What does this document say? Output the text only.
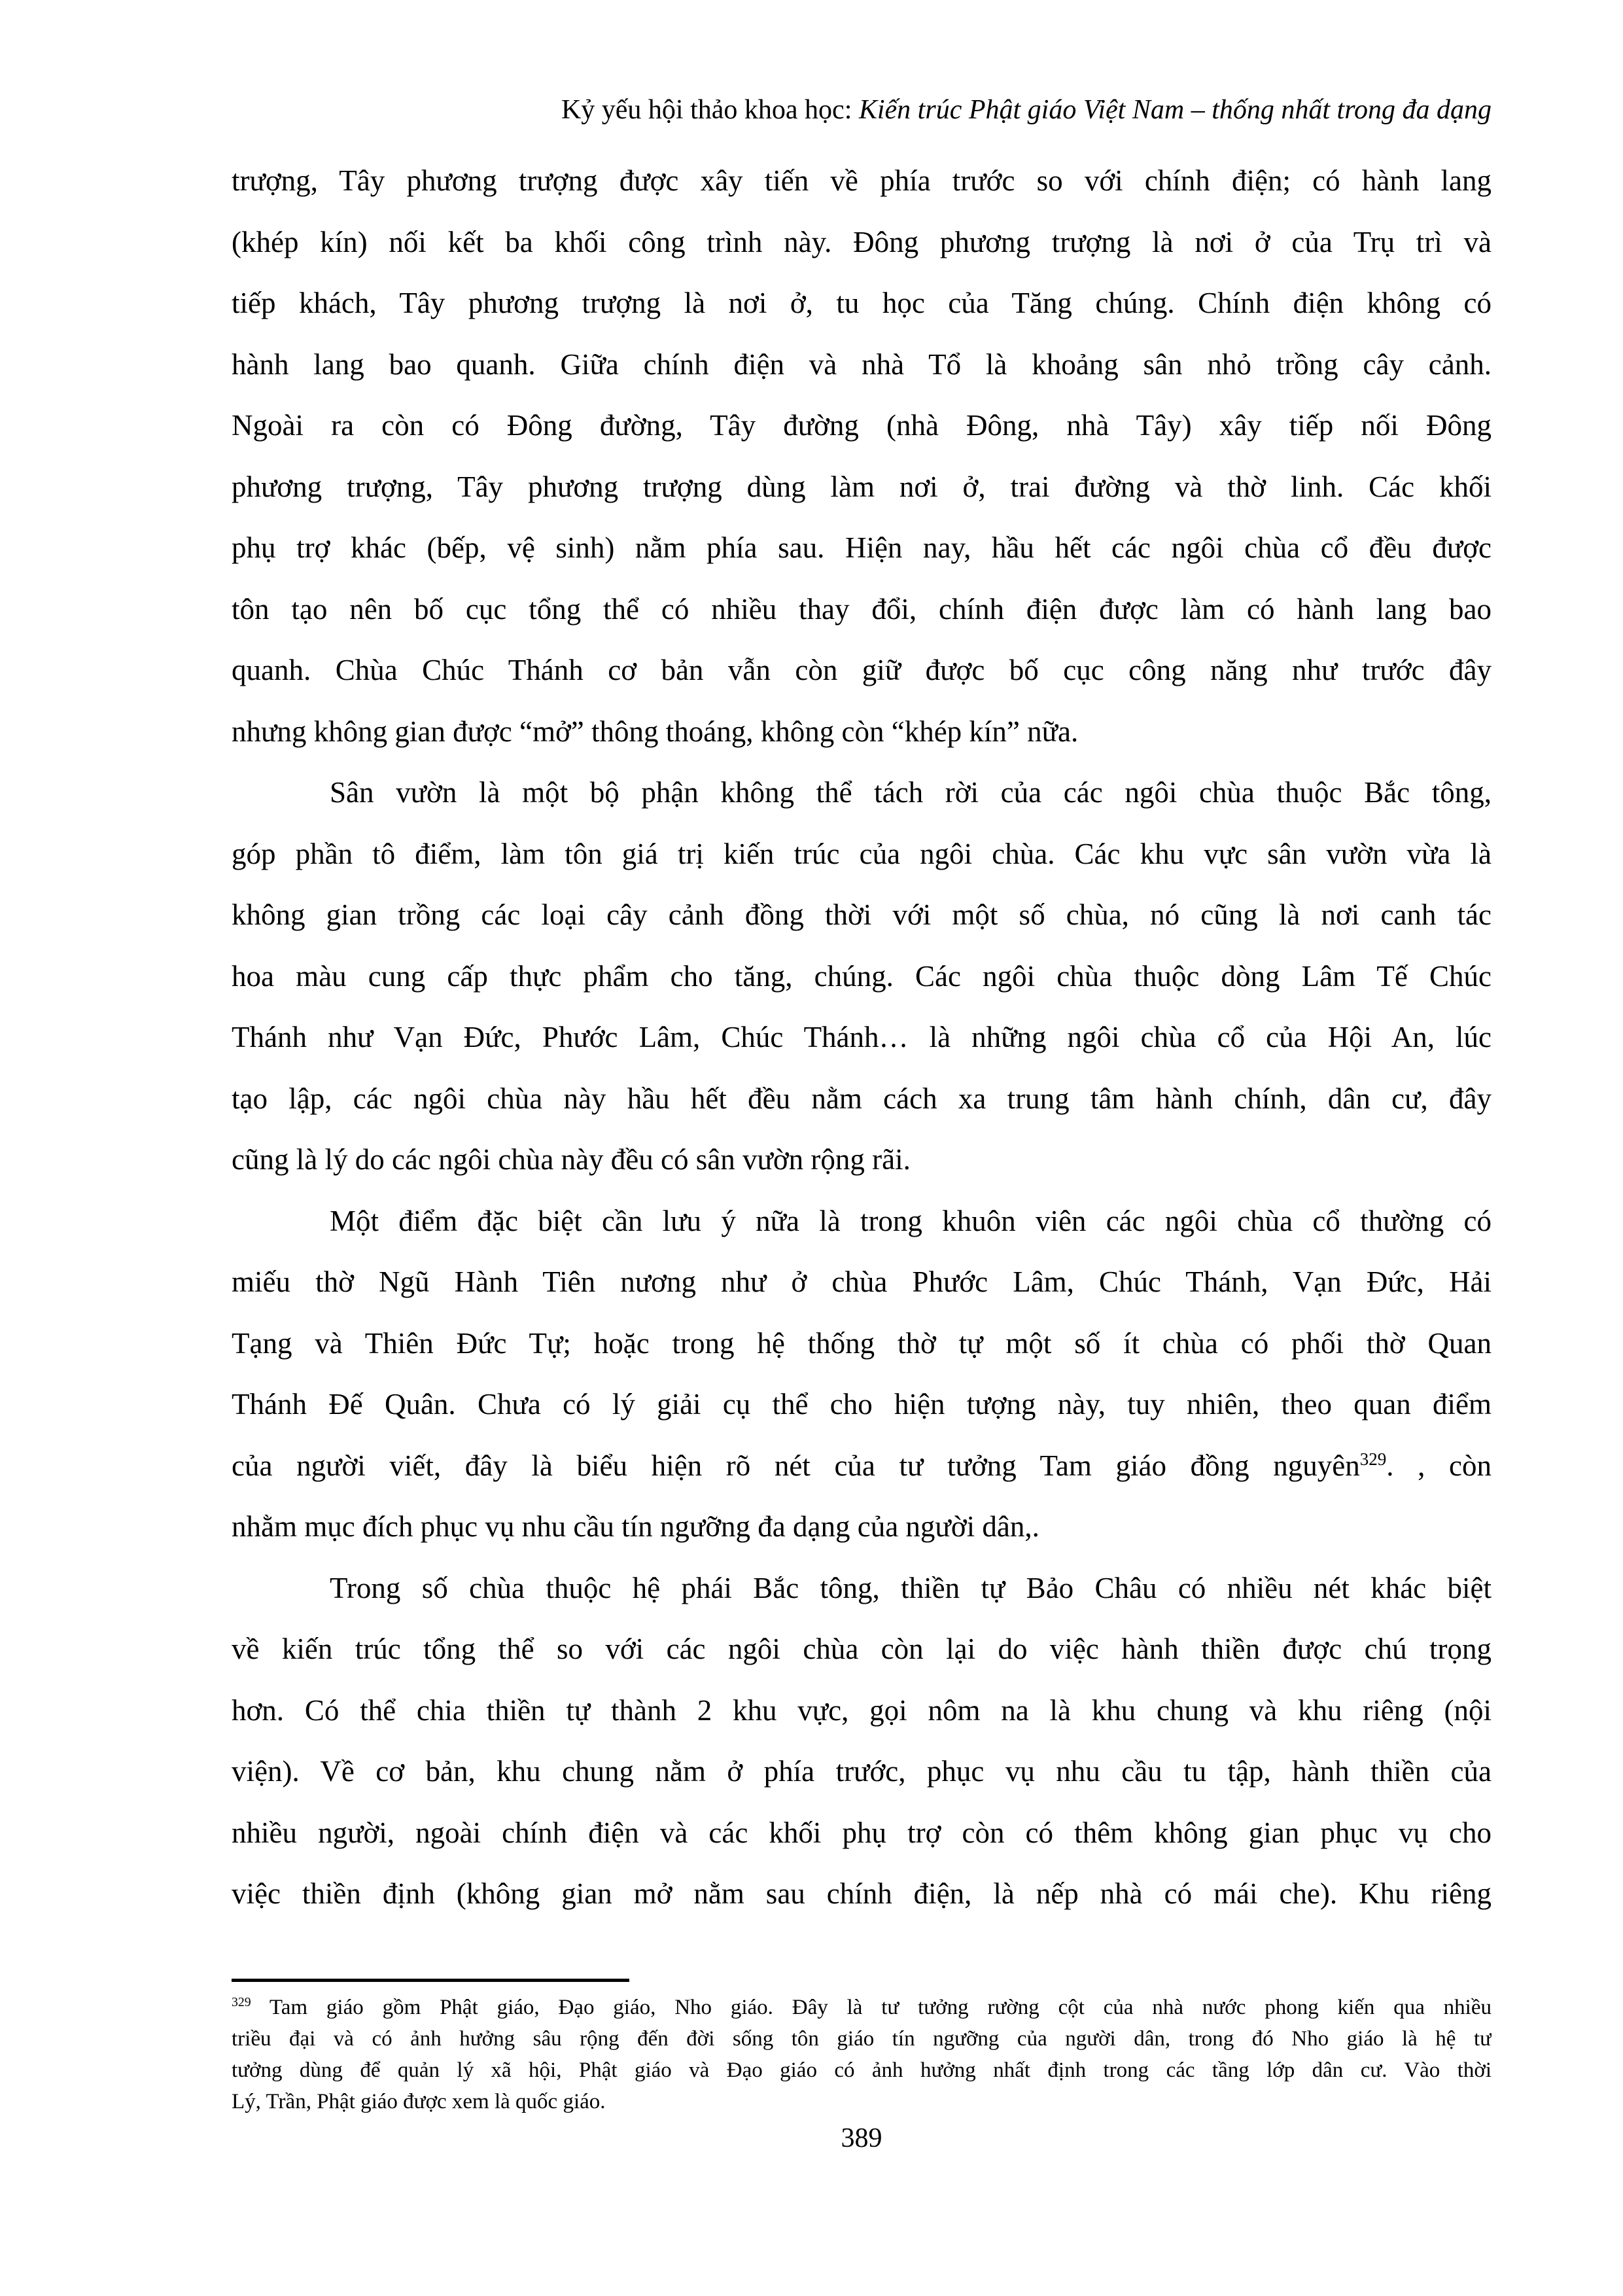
Kỷ yếu hội thảo khoa học: Kiến trúc Phật giáo Việt Nam – thống nhất trong đa dạng
trượng, Tây phương trượng được xây tiến về phía trước so với chính điện; có hành lang
(khép kín) nối kết ba khối công trình này. Đông phương trượng là nơi ở của Trụ trì và
tiếp khách, Tây phương trượng là nơi ở, tu học của Tăng chúng. Chính điện không có
hành lang bao quanh. Giữa chính điện và nhà Tổ là khoảng sân nhỏ trồng cây cảnh.
Ngoài ra còn có Đông đường, Tây đường (nhà Đông, nhà Tây) xây tiếp nối Đông
phương trượng, Tây phương trượng dùng làm nơi ở, trai đường và thờ linh. Các khối
phụ trợ khác (bếp, vệ sinh) nằm phía sau. Hiện nay, hầu hết các ngôi chùa cổ đều được
tôn tạo nên bố cục tổng thể có nhiều thay đổi, chính điện được làm có hành lang bao
quanh. Chùa Chúc Thánh cơ bản vẫn còn giữ được bố cục công năng như trước đây
nhưng không gian được “mở” thông thoáng, không còn “khép kín” nữa.
Sân vườn là một bộ phận không thể tách rời của các ngôi chùa thuộc Bắc tông,
góp phần tô điểm, làm tôn giá trị kiến trúc của ngôi chùa. Các khu vực sân vườn vừa là
không gian trồng các loại cây cảnh đồng thời với một số chùa, nó cũng là nơi canh tác
hoa màu cung cấp thực phẩm cho tăng, chúng. Các ngôi chùa thuộc dòng Lâm Tế Chúc
Thánh như Vạn Đức, Phước Lâm, Chúc Thánh… là những ngôi chùa cổ của Hội An, lúc
tạo lập, các ngôi chùa này hầu hết đều nằm cách xa trung tâm hành chính, dân cư, đây
cũng là lý do các ngôi chùa này đều có sân vườn rộng rãi.
Một điểm đặc biệt cần lưu ý nữa là trong khuôn viên các ngôi chùa cổ thường có
miếu thờ Ngũ Hành Tiên nương như ở chùa Phước Lâm, Chúc Thánh, Vạn Đức, Hải
Tạng và Thiên Đức Tự; hoặc trong hệ thống thờ tự một số ít chùa có phối thờ Quan
Thánh Đế Quân. Chưa có lý giải cụ thể cho hiện tượng này, tuy nhiên, theo quan điểm
của người viết, đây là biểu hiện rõ nét của tư tưởng Tam giáo đồng nguyên$^{329}$. , còn
nhằm mục đích phục vụ nhu cầu tín ngưỡng đa dạng của người dân,.
Trong số chùa thuộc hệ phái Bắc tông, thiền tự Bảo Châu có nhiều nét khác biệt
về kiến trúc tổng thể so với các ngôi chùa còn lại do việc hành thiền được chú trọng
hơn. Có thể chia thiền tự thành 2 khu vực, gọi nôm na là khu chung và khu riêng (nội
viện). Về cơ bản, khu chung nằm ở phía trước, phục vụ nhu cầu tu tập, hành thiền của
nhiều người, ngoài chính điện và các khối phụ trợ còn có thêm không gian phục vụ cho
việc thiền định (không gian mở nằm sau chính điện, là nếp nhà có mái che). Khu riêng
$^{329}$ Tam giáo gồm Phật giáo, Đạo giáo, Nho giáo. Đây là tư tưởng rường cột của nhà nước phong kiến qua nhiều
triều đại và có ảnh hưởng sâu rộng đến đời sống tôn giáo tín ngưỡng của người dân, trong đó Nho giáo là hệ tư
tưởng dùng để quản lý xã hội, Phật giáo và Đạo giáo có ảnh hưởng nhất định trong các tầng lớp dân cư. Vào thời
Lý, Trần, Phật giáo được xem là quốc giáo.
389
